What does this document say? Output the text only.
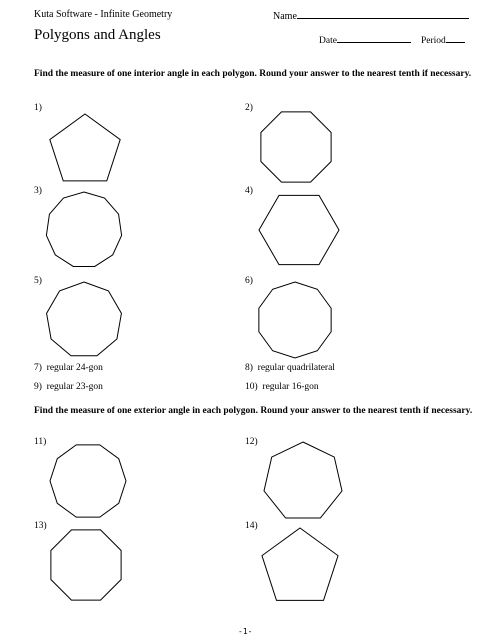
Kuta Software - Infinite Geometry	Name
Polygons and Angles	Date	Period
Find the measure of one interior angle in each polygon. Round your answer to the nearest tenth if necessary.
1)	2)
3)	4)
5)	6)
7) regular 24-gon	8) regular quadrilateral
9) regular 23-gon	10) regular 16-gon
Find the measure of one exterior angle in each polygon. Round your answer to the nearest tenth if necessary.
11)	12)
13)	14)
-1-
